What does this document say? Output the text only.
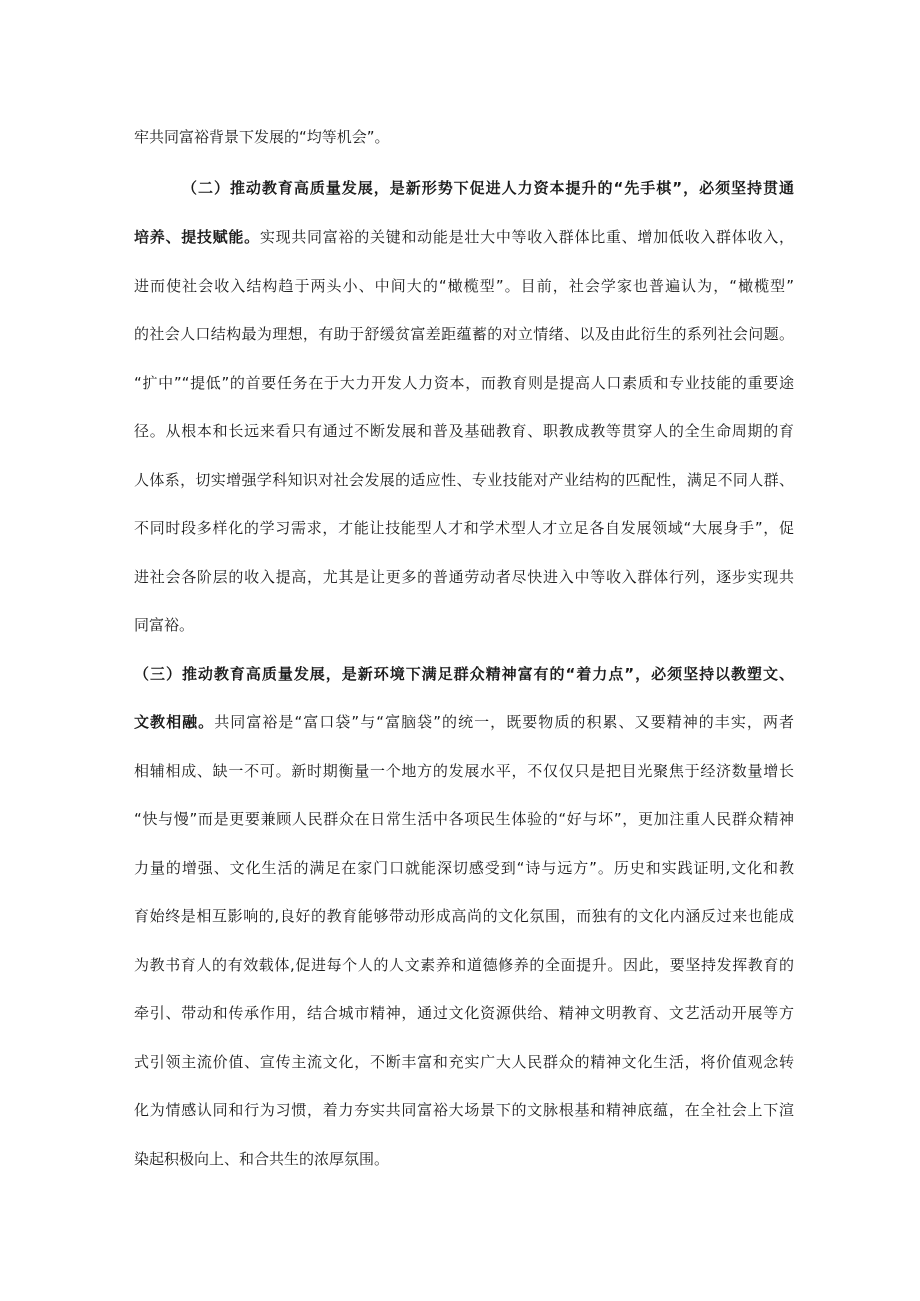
牢共同富裕背景下发展的“均等机会”。
（二）推动教育高质量发展，是新形势下促进人力资本提升的“先手棋”，必须坚持贯通
培养、提技赋能。实现共同富裕的关键和动能是壮大中等收入群体比重、增加低收入群体收入，
进而使社会收入结构趋于两头小、中间大的“橄榄型”。目前，社会学家也普遍认为，“橄榄型”
的社会人口结构最为理想，有助于舒缓贫富差距蕴蓄的对立情绪、以及由此衍生的系列社会问题。
“扩中”“提低”的首要任务在于大力开发人力资本，而教育则是提高人口素质和专业技能的重要途
径。从根本和长远来看只有通过不断发展和普及基础教育、职教成教等贯穿人的全生命周期的育
人体系，切实增强学科知识对社会发展的适应性、专业技能对产业结构的匹配性，满足不同人群、
不同时段多样化的学习需求，才能让技能型人才和学术型人才立足各自发展领域“大展身手”，促
进社会各阶层的收入提高，尤其是让更多的普通劳动者尽快进入中等收入群体行列，逐步实现共
同富裕。
（三）推动教育高质量发展，是新环境下满足群众精神富有的“着力点”，必须坚持以教塑文、
文教相融。共同富裕是“富口袋”与“富脑袋”的统一，既要物质的积累、又要精神的丰实，两者
相辅相成、缺一不可。新时期衡量一个地方的发展水平，不仅仅只是把目光聚焦于经济数量增长
“快与慢”而是更要兼顾人民群众在日常生活中各项民生体验的“好与坏”，更加注重人民群众精神
力量的增强、文化生活的满足在家门口就能深切感受到“诗与远方”。历史和实践证明,文化和教
育始终是相互影响的,良好的教育能够带动形成高尚的文化氛围，而独有的文化内涵反过来也能成
为教书育人的有效载体,促进每个人的人文素养和道德修养的全面提升。因此，要坚持发挥教育的
牵引、带动和传承作用，结合城市精神，通过文化资源供给、精神文明教育、文艺活动开展等方
式引领主流价值、宣传主流文化，不断丰富和充实广大人民群众的精神文化生活，将价值观念转
化为情感认同和行为习惯，着力夯实共同富裕大场景下的文脉根基和精神底蕴，在全社会上下渲
染起积极向上、和合共生的浓厚氛围。
